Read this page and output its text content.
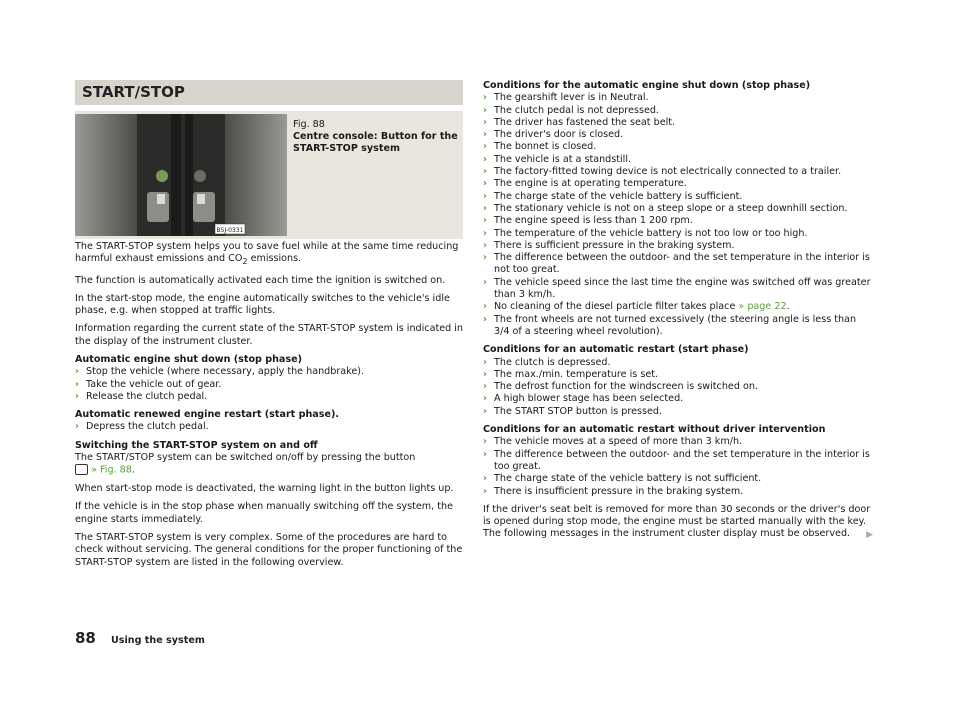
START/STOP
B5J-0331
Fig. 88
Centre console: Button for the START-STOP system

The START-STOP system helps you to save fuel while at the same time reducing harmful exhaust emissions and $CO_2$ emissions.

The function is automatically activated each time the ignition is switched on.

In the start-stop mode, the engine automatically switches to the vehicle's idle phase, e.g. when stopped at traffic lights.

Information regarding the current state of the START-STOP system is indicated in the display of the instrument cluster.

Automatic engine shut down (stop phase)
› Stop the vehicle (where necessary, apply the handbrake).
› Take the vehicle out of gear.
› Release the clutch pedal.
Automatic renewed engine restart (start phase).
› Depress the clutch pedal.
Switching the START-STOP system on and off

The START/STOP system can be switched on/off by pressing the button
» Fig. 88.

When start-stop mode is deactivated, the warning light in the button lights up.

If the vehicle is in the stop phase when manually switching off the system, the engine starts immediately.

The START-STOP system is very complex. Some of the procedures are hard to check without servicing. The general conditions for the proper functioning of the START-STOP system are listed in the following overview.

Conditions for the automatic engine shut down (stop phase)
› The gearshift lever is in Neutral.
› The clutch pedal is not depressed.
› The driver has fastened the seat belt.
› The driver's door is closed.
› The bonnet is closed.
› The vehicle is at a standstill.
› The factory-fitted towing device is not electrically connected to a trailer.
› The engine is at operating temperature.
› The charge state of the vehicle battery is sufficient.
› The stationary vehicle is not on a steep slope or a steep downhill section.
› The engine speed is less than 1 200 rpm.
› The temperature of the vehicle battery is not too low or too high.
› There is sufficient pressure in the braking system.
› The difference between the outdoor- and the set temperature in the interior is not too great.
› The vehicle speed since the last time the engine was switched off was greater than 3 km/h.
› No cleaning of the diesel particle filter takes place » page 22.
› The front wheels are not turned excessively (the steering angle is less than 3/4 of a steering wheel revolution).
Conditions for an automatic restart (start phase)
› The clutch is depressed.
› The max./min. temperature is set.
› The defrost function for the windscreen is switched on.
› A high blower stage has been selected.
› The START STOP button is pressed.
Conditions for an automatic restart without driver intervention
› The vehicle moves at a speed of more than 3 km/h.
› The difference between the outdoor- and the set temperature in the interior is too great.
› The charge state of the vehicle battery is not sufficient.
› There is insufficient pressure in the braking system.

If the driver's seat belt is removed for more than 30 seconds or the driver's door is opened during stop mode, the engine must be started manually with the key. The following messages in the instrument cluster display must be observed. ▶

88 Using the system
